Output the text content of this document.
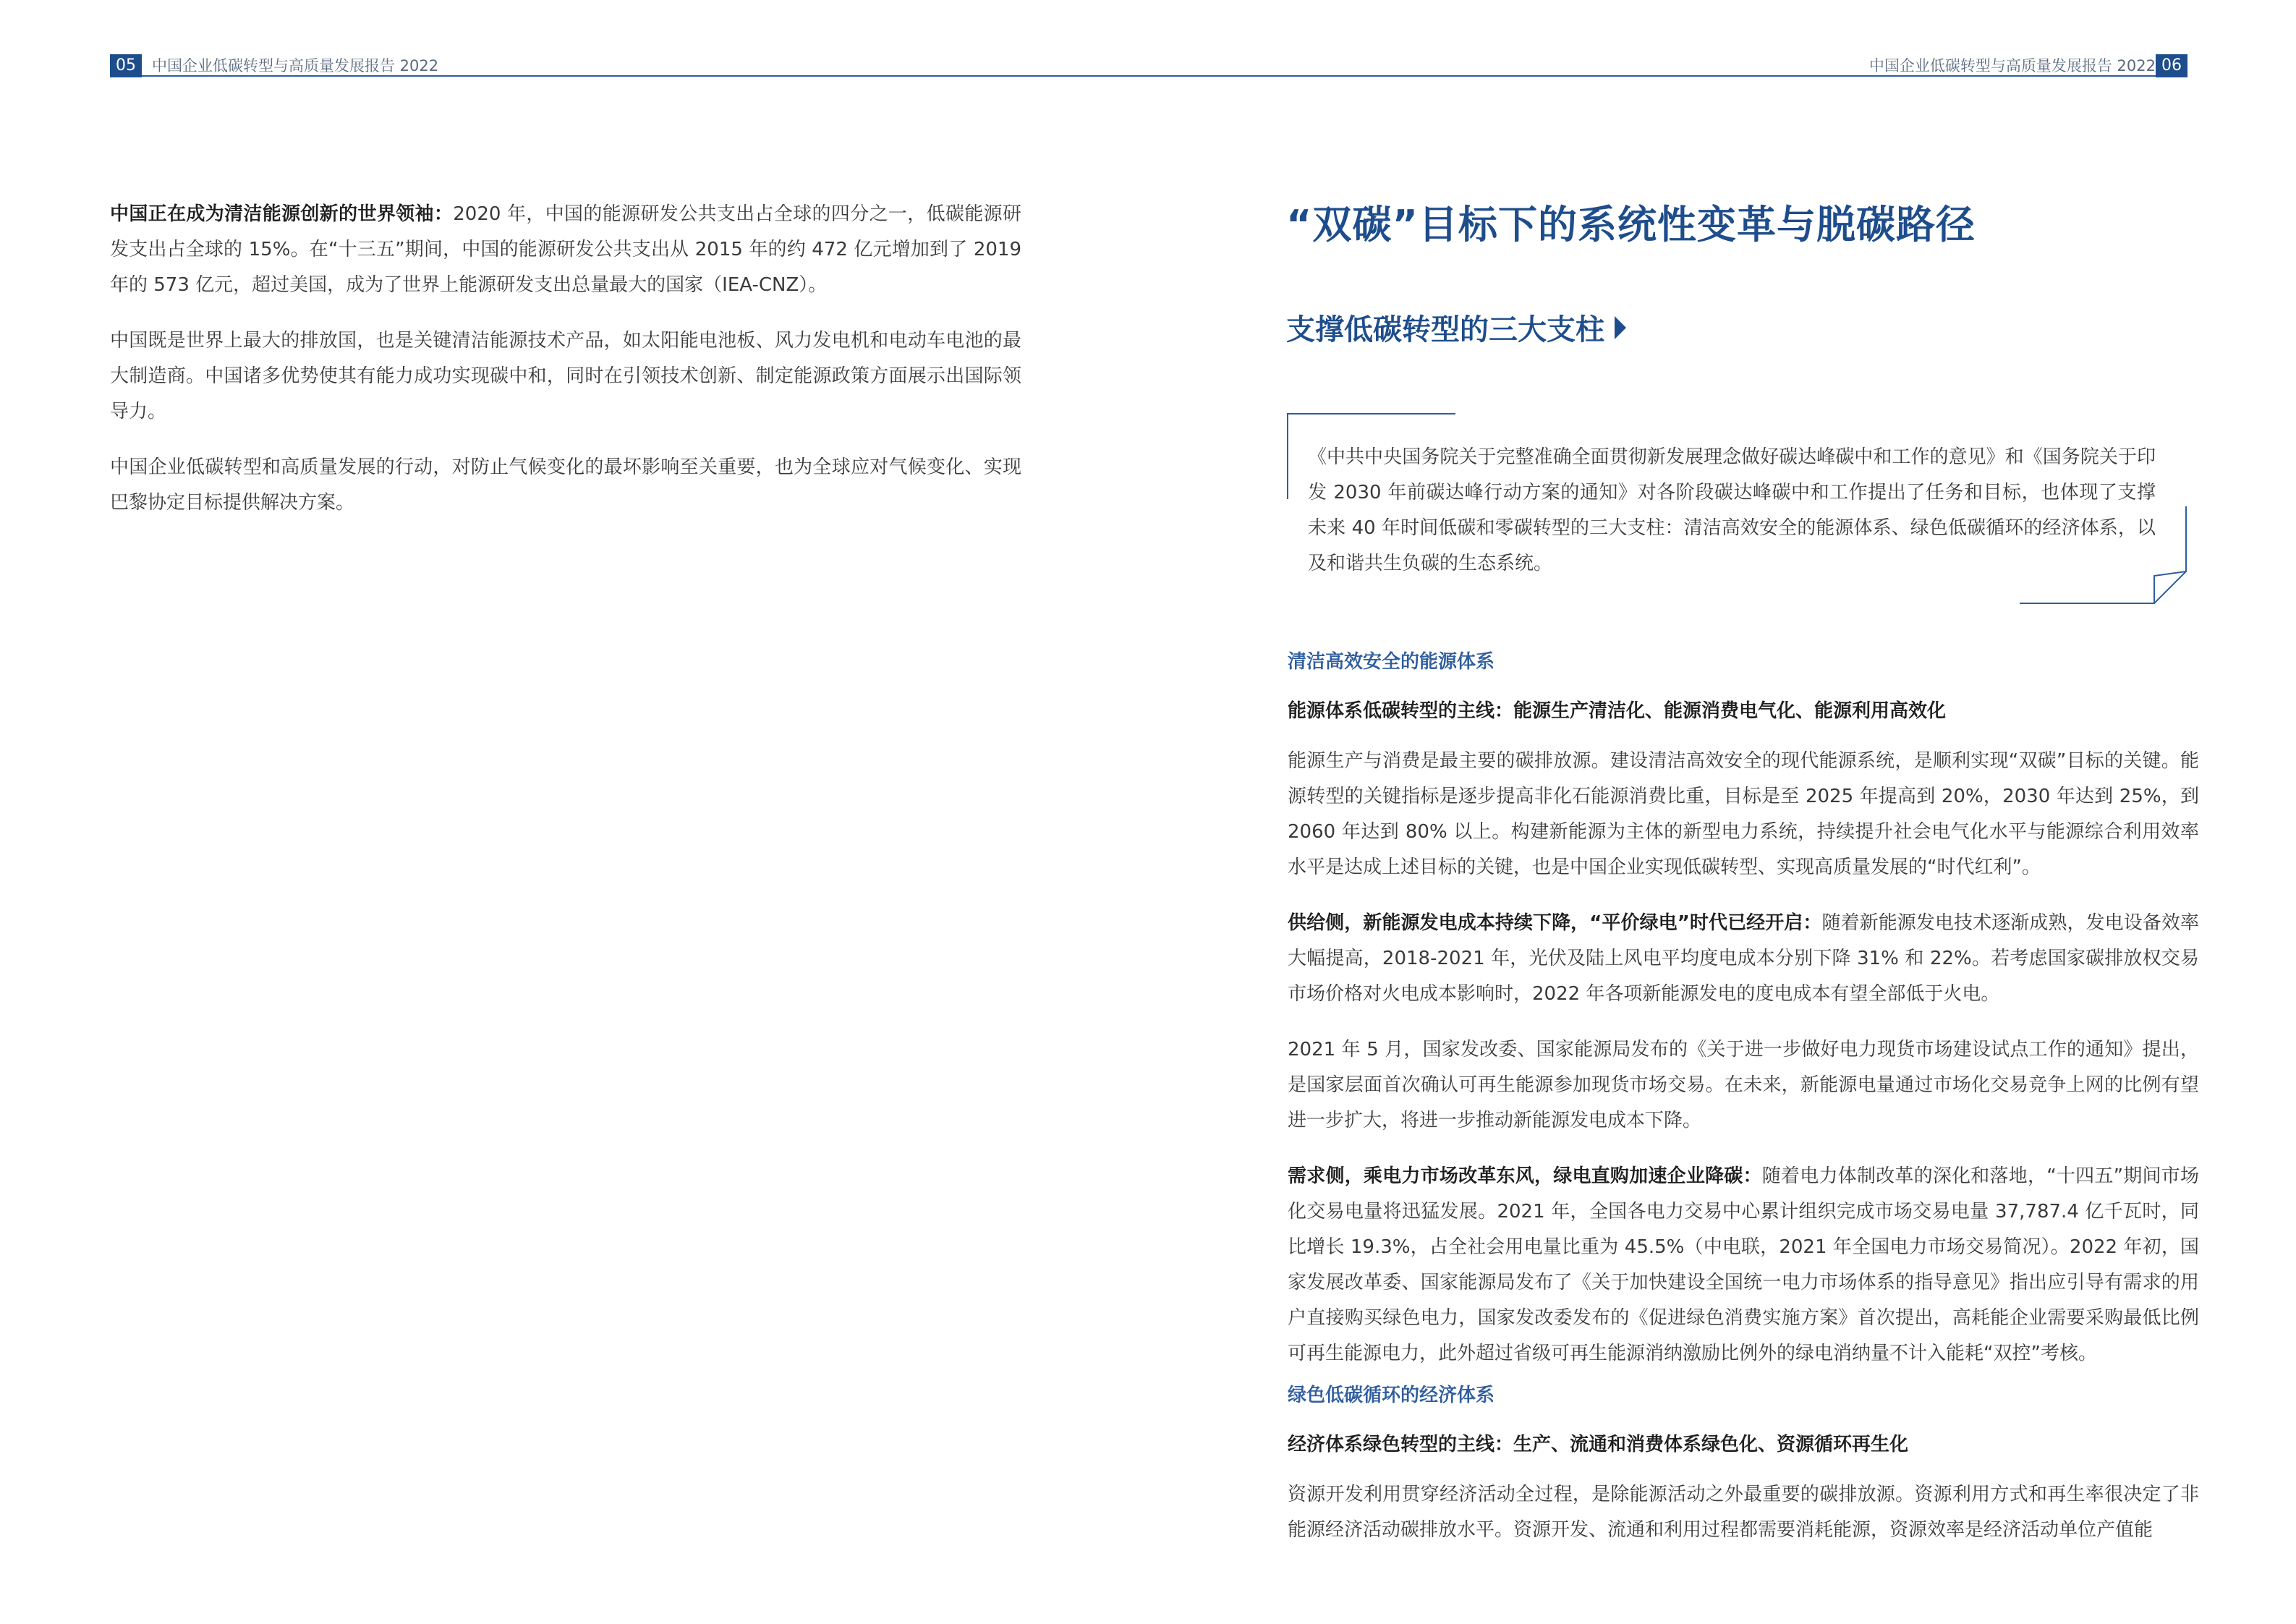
05	中国企业低碳转型与高质量发展报告 2022	中国企业低碳转型与高质量发展报告 2022 06

中国正在成为清洁能源创新的世界领袖：2020 年，中国的能源研发公共支出占全球的四分之一，低碳能源研发支出占全球的 15%。在“十三五”期间，中国的能源研发公共支出从 2015 年的约 472 亿元增加到了 2019 年的 573 亿元，超过美国，成为了世界上能源研发支出总量最大的国家（IEA-CNZ）。

中国既是世界上最大的排放国，也是关键清洁能源技术产品，如太阳能电池板、风力发电机和电动车电池的最大制造商。中国诸多优势使其有能力成功实现碳中和，同时在引领技术创新、制定能源政策方面展示出国际领导力。

中国企业低碳转型和高质量发展的行动，对防止气候变化的最坏影响至关重要，也为全球应对气候变化、实现巴黎协定目标提供解决方案。

“双碳”目标下的系统性变革与脱碳路径
支撑低碳转型的三大支柱
《中共中央国务院关于完整准确全面贯彻新发展理念做好碳达峰碳中和工作的意见》和《国务院关于印发 2030 年前碳达峰行动方案的通知》对各阶段碳达峰碳中和工作提出了任务和目标，也体现了支撑未来 40 年时间低碳和零碳转型的三大支柱：清洁高效安全的能源体系、绿色低碳循环的经济体系，以及和谐共生负碳的生态系统。
清洁高效安全的能源体系
能源体系低碳转型的主线：能源生产清洁化、能源消费电气化、能源利用高效化

能源生产与消费是最主要的碳排放源。建设清洁高效安全的现代能源系统，是顺利实现“双碳”目标的关键。能源转型的关键指标是逐步提高非化石能源消费比重，目标是至 2025 年提高到 20%，2030 年达到 25%，到 2060 年达到 80% 以上。构建新能源为主体的新型电力系统，持续提升社会电气化水平与能源综合利用效率水平是达成上述目标的关键，也是中国企业实现低碳转型、实现高质量发展的“时代红利”。

供给侧，新能源发电成本持续下降，“平价绿电”时代已经开启：随着新能源发电技术逐渐成熟，发电设备效率大幅提高，2018-2021 年，光伏及陆上风电平均度电成本分别下降 31% 和 22%。若考虑国家碳排放权交易市场价格对火电成本影响时，2022 年各项新能源发电的度电成本有望全部低于火电。

2021 年 5 月，国家发改委、国家能源局发布的《关于进一步做好电力现货市场建设试点工作的通知》提出，是国家层面首次确认可再生能源参加现货市场交易。在未来，新能源电量通过市场化交易竞争上网的比例有望进一步扩大，将进一步推动新能源发电成本下降。

需求侧，乘电力市场改革东风，绿电直购加速企业降碳：随着电力体制改革的深化和落地，“十四五”期间市场化交易电量将迅猛发展。2021 年，全国各电力交易中心累计组织完成市场交易电量 37,787.4 亿千瓦时，同比增长 19.3%，占全社会用电量比重为 45.5%（中电联，2021 年全国电力市场交易简况）。2022 年初，国家发展改革委、国家能源局发布了《关于加快建设全国统一电力市场体系的指导意见》指出应引导有需求的用户直接购买绿色电力，国家发改委发布的《促进绿色消费实施方案》首次提出，高耗能企业需要采购最低比例可再生能源电力，此外超过省级可再生能源消纳激励比例外的绿电消纳量不计入能耗“双控”考核。

绿色低碳循环的经济体系
经济体系绿色转型的主线：生产、流通和消费体系绿色化、资源循环再生化

资源开发利用贯穿经济活动全过程，是除能源活动之外最重要的碳排放源。资源利用方式和再生率很决定了非能源经济活动碳排放水平。资源开发、流通和利用过程都需要消耗能源，资源效率是经济活动单位产值能
